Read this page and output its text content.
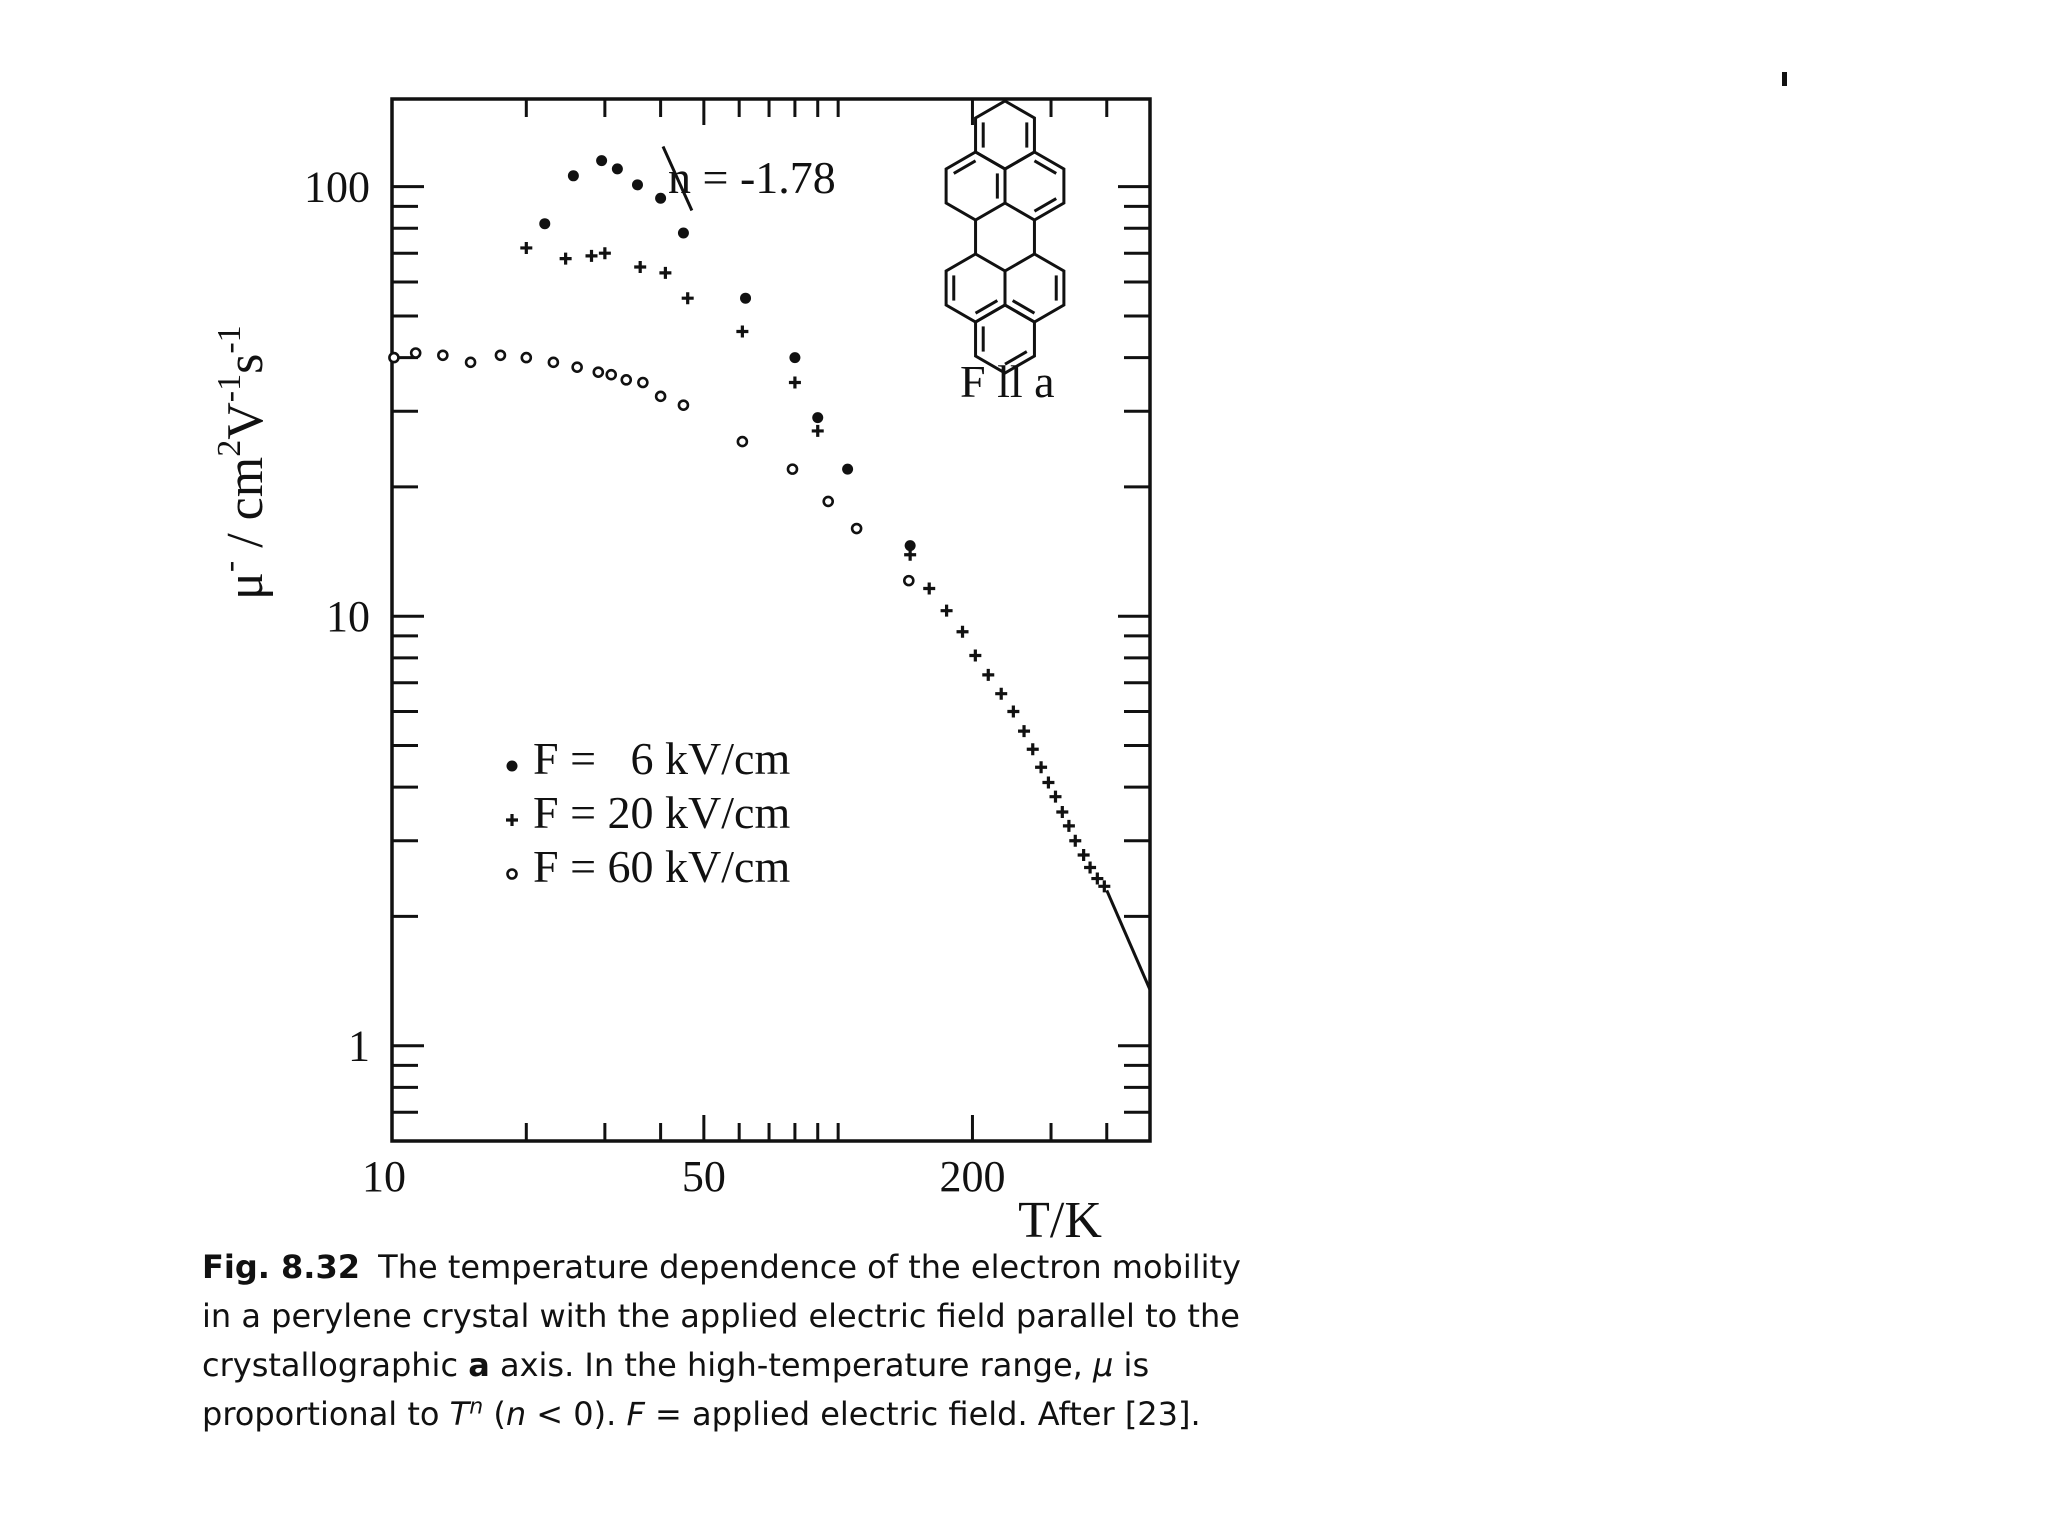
10	50	200
1
10
100
T/K
$\mu^- / cm^2V^{-1}s^{-1}$
n = -1.78
F ll a
F =   6 kV/cm
F = 20 kV/cm
F = 60 kV/cm
Fig. 8.32 The temperature dependence of the electron mobility in a perylene crystal with the applied electric field parallel to the crystallographic a axis. In the high-temperature range, μ is proportional to $T^n$ (n < 0). F = applied electric field. After [23].
